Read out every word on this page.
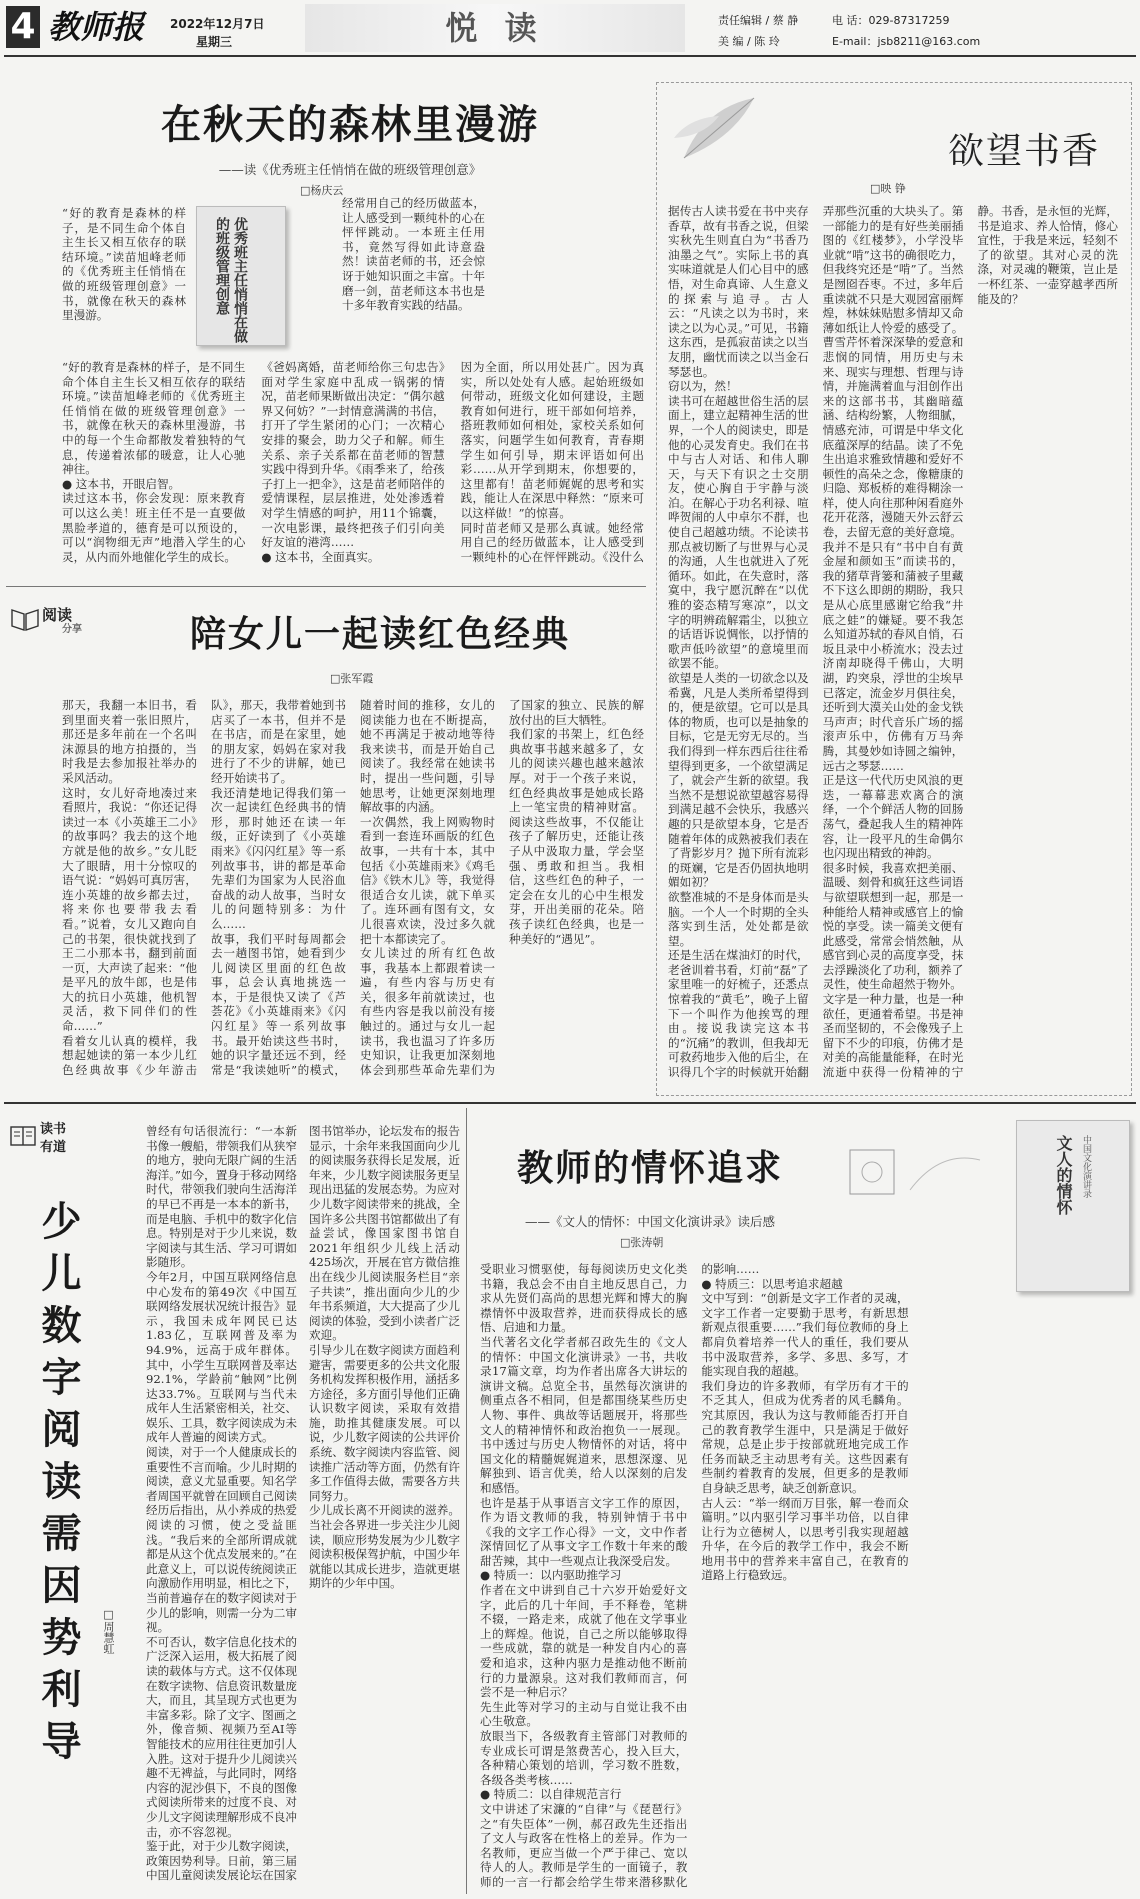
4 教师报 2022年12月7日
星期三	悦 读	责任编辑 / 蔡 静	电 话：029-87317259
美 编 / 陈 玲	E-mail：jsb8211@163.com
在秋天的森林里漫游
——读《优秀班主任悄悄在做的班级管理创意》
□杨庆云
优秀班主任悄悄在做的班级管理创意
“好的教育是森林的样子，是不同生命个体自主生长又相互依存的联结环境。”读苗旭峰老师的《优秀班主任悄悄在做的班级管理创意》一书，就像在秋天的森林里漫游。
“好的教育是森林的样子，是不同生命个体自主生长又相互依存的联结环境。”读苗旭峰老师的《优秀班主任悄悄在做的班级管理创意》一书，就像在秋天的森林里漫游，书中的每一个生命都散发着独特的气息，传递着浓郁的暖意，让人心驰神往。
● 这本书，开眼启智。
读过这本书，你会发现：原来教育可以这么美！班主任不是一直要做黑脸孝道的，德育是可以预设的，可以“润物细无声”地潜入学生的心灵，从内而外地催化学生的成长。
《爸妈离婚，苗老师给你三句忠告》面对学生家庭中乱成一锅粥的情况，苗老师果断做出决定：“偶尔越界又何妨？”一封情意满满的书信，打开了学生紧闭的心门；一次精心安排的聚会，助力父子和解。师生关系、亲子关系都在苗老师的智慧实践中得到升华。《雨季来了，给孩子打上一把伞》，这是苗老师陪伴的爱情课程，层层推进，处处渗透着对学生情感的呵护，用11个锦囊，一次电影课，最终把孩子们引向美好友谊的港湾……
● 这本书，全面真实。
因为全面，所以用处甚广。因为真实，所以处处有人感。起始班级如何带动，班级文化如何建设，主题教育如何进行，班干部如何培养，搭班教师如何相处，家校关系如何落实，问题学生如何教育，青春期学生如何引导，期末评语如何出彩……从开学到期末，你想要的，这里都有！苗老师娓娓的思考和实践，能让人在深思中释然：“原来可以这样做！”的惊喜。
同时苗老师又是那么真诚。她经常用自己的经历做蓝本，让人感受到一颗纯朴的心在怦怦跳动。《没什么

经常用自己的经历做蓝本，让人感受到一颗纯朴的心在怦怦跳动。一本班主任用书，竟然写得如此诗意盎然！读苗老师的书，还会惊讶于她知识面之丰富。十年磨一剑，苗老师这本书也是十多年教育实践的结晶。
欲望书香
□映 铮
据传古人读书爱在书中夹存香草，故有书香之说，但梁实秋先生则直白为“书香乃油墨之气”。实际上书的真实味道就是人们心目中的感悟，对生命真谛、人生意义的探索与追寻。古人云：“凡读之以为书时，来读之以为心灵。”可见，书籍这东西，是孤寂苗读之以当友朋，幽忧而读之以当金石琴瑟也。
窃以为，然！
读书可在超越世俗生活的层面上，建立起精神生活的世界，一个人的阅读史，即是他的心灵发育史。我们在书中与古人对话、和伟人聊天，与天下有识之士交朋友，使心胸自于宇静与淡泊。在解心于功名利禄、喧哗贺闹的人中卓尔不群，也使自己超越功绩。不论读书那点被切断了与世界与心灵的沟通，人生也就进入了死循环。如此，在失意时，落寞中，我宁愿沉醉在“以优雅的姿态精写寒凉”，以文字的明辨疏解霜尘，以独立的话语诉说惆怅，以抒情的歌声低吟欲望”的意境里而欲罢不能。
欲望是人类的一切欲念以及希冀，凡是人类所希望得到的，便是欲望。它可以是具体的物质，也可以是抽象的目标，它是无穷无尽的。当我们得到一样东西后往往希望得到更多，一个欲望满足了，就会产生新的欲望。我当然不是想说欲望越容易得到满足越不会快乐，我感兴趣的只是欲望本身，它是否随着年体的成熟被我们表在了背影岁月？抛下所有流彩的斑斓，它是否仍固执地明媚如初？
欲整准城的不是身体而是头脑。一个人一个时期的全头落实到生活，处处都是欲望。
还是生活在煤油灯的时代，老爸训着书看，灯前“磊”了家里唯一的好梳子，还悉点惊着我的“黄毛”，晚子上留下一个叫作为他挨骂的理由。接说我读完这本书的“沉痛”的教训，但我却无可救药地步入他的后尘，在识得几个字的时候就开始翻弄那些沉重的大块头了。第一部能力的是有好些美丽插图的《红楼梦》，小学没毕业就“啃”这书的确很吃力，但我终究还是“啃”了。当然是囫囵吞枣。不过，多年后重读就不只是大观园富丽辉煌，林妹妹贴慰多情却又命薄如纸让人怜爱的感受了。曹雪芹怀着深深挚的爱意和悲悯的同情，用历史与未来、现实与理想、哲理与诗情，并施满着血与泪创作出来的这部书书，其幽暗蕴涵、结构纷繁，人物细腻，情感充沛，可谓是中华文化底蕴深厚的结晶。读了不免生出追求雅致情趣和爱好不顿性的高朵之念，像糖康的归隐、郑板桥的难得糊涂一样，使人向往那种闲看庭外花开花落，漫随天外云舒云卷，去留无意的美好意境。
我并不是只有“书中自有黄金屋和颜如玉”而读书的，我的猪草背篓和蒲被子里藏不下这么即朗的期盼，我只是从心底里感谢它给我“井底之蛙”的嫌疑。要不我怎么知道苏轼的春风自悄，石坂且录中小桥流水；没去过济南却晓得千佛山，大明湖，趵突泉，浮世的尘埃早已落定，流金岁月俱往矣，还听到大漠关山处的金戈铁马声声；时代音乐广场的摇滚声乐中，仿佛有万马奔腾，其曼妙如诗圆之编钟，远古之琴瑟……
正是这一代代历史风浪的更迭，一幕幕悲欢离合的演绎，一个个鲜活人物的回肠荡气，叠起我人生的精神阵容，让一段平凡的生命偶尔也闪现出精致的神韵。
很多时候，我喜欢把美丽、温暖、刻骨和疯狂这些词语与欲望联想到一起，那是一种能给人精神或感官上的愉悦的享受。读一篇美文便有此感受，常常会悄然触，从感官到心灵的高度享受，抹去浮躁淡化了功利，额养了灵性，使生命超然于物外。
文字是一种力量，也是一种欲任，更通着希望。书是神圣而坚韧的，不会像残子上留下不少的印痕，仿佛才是对美的高能量能释，在时光流逝中获得一份精神的宁静。书香，是永恒的光辉，书是追求、养人恰情，修心宜性，于我是来远，轻刻不了的欲望。其对心灵的洗涤，对灵魂的鞭策，岂止是一杯红茶、一壶穿越孝西所能及的？
阅读
分享	陪女儿一起读红色经典
□张军霞
那天，我翻一本旧书，看到里面夹着一张旧照片，那还是多年前在一个名叫沫源县的地方拍摄的，当时我是去参加报社举办的采风活动。
这时，女儿好奇地凑过来看照片，我说：“你还记得读过一本《小英雄王二小》的故事吗？我去的这个地方就是他的故乡。”女儿眨大了眼睛，用十分惊叹的语气说：“妈妈可真厉害，连小英雄的故乡都去过，将来你也要带我去看看。”说着，女儿又跑向自己的书架，很快就找到了王二小那本书，翻到前面一页，大声读了起来：“他是平凡的放牛郎，也是伟大的抗日小英雄，他机智灵活，救下同伴们的性命……”
看着女儿认真的模样，我想起她读的第一本少儿红色经典故事《少年游击队》，那天，我带着她到书店买了一本书，但并不是在书店，而是在家里，她的朋友家，妈妈在家对我进行了不少的讲解，她已经开始读书了。
我还清楚地记得我们第一次一起读红色经典书的情形，那时她还在读一年级，正好读到了《小英雄雨来》《闪闪红星》等一系列故事书，讲的都是革命先辈们为国家为人民浴血奋战的动人故事，当时女儿的问题特别多：为什么……
故事，我们平时每周都会去一趟图书馆，她看到少儿阅读区里面的红色故事，总会认真地挑选一本，于是很快又读了《芦荟花》《小英雄雨来》《闪闪红星》等一系列故事书。最开始读这些书时，她的识字量还远不到，经常是“我读她听”的模式，随着时间的推移，女儿的阅读能力也在不断提高，她不再满足于被动地等待我来读书，而是开始自己阅读了。我经常在她读书时，提出一些问题，引导她思考，让她更深刻地理解故事的内涵。
一次偶然，我上网购物时看到一套连环画版的红色故事，一共有十本，其中包括《小英雄雨来》《鸡毛信》《铁木儿》等，我觉得很适合女儿读，就下单买了。连环画有图有文，女儿很喜欢读，没过多久就把十本都读完了。
女儿读过的所有红色故事，我基本上都跟着读一遍，有些内容与历史有关，很多年前就读过，也有些内容是我以前没有接触过的。通过与女儿一起读书，我也温习了许多历史知识，让我更加深刻地体会到那些革命先辈们为了国家的独立、民族的解放付出的巨大牺牲。
我们家的书架上，红色经典故事书越来越多了，女儿的阅读兴趣也越来越浓厚。对于一个孩子来说，红色经典故事是她成长路上一笔宝贵的精神财富。阅读这些故事，不仅能让孩子了解历史，还能让孩子从中汲取力量，学会坚强、勇敢和担当。我相信，这些红色的种子，一定会在女儿的心中生根发芽，开出美丽的花朵。陪孩子读红色经典，也是一种美好的“遇见”。
读书
有道
少儿数字阅读需因势利导 □周慧虹
曾经有句话很流行：“一本新书像一艘船，带领我们从狭窄的地方，驶向无限广阔的生活海洋。”如今，置身于移动网络时代，带领我们驶向生活海洋的早已不再是一本本的新书，而是电脑、手机中的数字化信息。特别是对于少儿来说，数字阅读与其生活、学习可谓如影随形。
今年2月，中国互联网络信息中心发布的第49次《中国互联网络发展状况统计报告》显示，我国未成年网民已达1.83亿，互联网普及率为94.9%，远高于成年群体。其中，小学生互联网普及率达92.1%，学龄前“触网”比例达33.7%。互联网与当代未成年人生活紧密相关，社交、娱乐、工具，数字阅读成为未成年人普遍的阅读方式。
阅读，对于一个人健康成长的重要性不言而喻。少儿时期的阅读，意义尤显重要。知名学者周国平就曾在回顾自己阅读经历后指出，从小养成的热爱阅读的习惯，使之受益匪浅。“我后来的全部所谓成就都是从这个优点发展来的。”在此意义上，可以说传统阅读正向激励作用明显，相比之下，当前普遍存在的数字阅读对于少儿的影响，则需一分为二审视。
不可否认，数字信息化技术的广泛深入运用，极大拓展了阅读的载体与方式。这不仅体现在数字读物、信息资讯数量庞大，而且，其呈现方式也更为丰富多彩。除了文字、图画之外，像音频、视频乃至AI等智能技术的应用往往更加引人入胜。这对于提升少儿阅读兴趣不无裨益，与此同时，网络内容的泥沙俱下，不良的图像式阅读所带来的过度不良、对少儿文字阅读理解形成不良冲击，亦不容忽视。
鉴于此，对于少儿数字阅读，政策因势利导。日前，第三届中国儿童阅读发展论坛在国家图书馆举办，论坛发布的报告显示，十余年来我国面向少儿的阅读服务获得长足发展，近年来，少儿数字阅读服务更呈现出迅猛的发展态势。为应对少儿数字阅读带来的挑战，全国许多公共图书馆都做出了有益尝试，像国家图书馆自2021年组织少儿线上活动425场次，开展在官方微信推出在线少儿阅读服务栏目“亲子共读”，推出面向少儿的少年书系频道，大大提高了少儿阅读的体验，受到小读者广泛欢迎。
引导少儿在数字阅读方面趋利避害，需要更多的公共文化服务机构发挥积极作用，涵括多方途径，多方面引导他们正确认识数字阅读，采取有效措施，助推其健康发展。可以说，少儿数字阅读的公共评价系统、数字阅读内容监管、阅读推广活动等方面，仍然有许多工作值得去做，需要各方共同努力。
少儿成长离不开阅读的滋养。当社会各界进一步关注少儿阅读，顺应形势发展为少儿数字阅读积极保驾护航，中国少年就能以其成长进步，造就更堪期许的少年中国。
教师的情怀追求
——《文人的情怀：中国文化演讲录》读后感
□张涛朝
文人的情怀 中国文化演讲录
受职业习惯驱使，每每阅读历史文化类书籍，我总会不由自主地反思自己，力求从先贤们高尚的思想光辉和博大的胸襟情怀中汲取营养，进而获得成长的感悟、启迪和力量。
当代著名文化学者郝召政先生的《文人的情怀：中国文化演讲录》一书，共收录17篇文章，均为作者出席各大讲坛的演讲文稿。总览全书，虽然每次演讲的侧重点各不相同，但是都围绕某些历史人物、事件、典故等话题展开，将那些文人的精神情怀和政治抱负一一展现。书中透过与历史人物情怀的对话，将中国文化的精髓娓娓道来，思想深邃、见解独到、语言优美，给人以深刻的启发和感悟。
也许是基于从事语言文字工作的原因，作为语文教师的我，特别钟情于书中《我的文字工作心得》一文，文中作者深情回忆了从事文字工作数十年来的酸甜苦辣，其中一些观点让我深受启发。
● 特质一：以内驱助推学习
作者在文中讲到自己十六岁开始爱好文字，此后的几十年间，手不释卷，笔耕不辍，一路走来，成就了他在文学事业上的辉煌。他说，自己之所以能够取得一些成就，靠的就是一种发自内心的喜爱和追求，这种内驱力是推动他不断前行的力量源泉。这对我们教师而言，何尝不是一种启示？
先生此等对学习的主动与自觉让我不由心生敬意。
放眼当下，各级教育主管部门对教师的专业成长可谓是煞费苦心，投入巨大，各种精心策划的培训，学习数不胜数，各级各类考核……
● 特质二：以自律规范言行
文中讲述了宋濂的“自律”与《琵琶行》之“有失臣体”一例，郝召政先生还指出了文人与政客在性格上的差异。作为一名教师，更应当做一个严于律己、宽以待人的人。教师是学生的一面镜子，教师的一言一行都会给学生带来潜移默化的影响……
● 特质三：以思考追求超越
文中写到：“创新是文字工作者的灵魂，文字工作者一定要勤于思考，有新思想新观点很重要……”我们每位教师的身上都肩负着培养一代人的重任，我们要从书中汲取营养，多学、多思、多写，才能实现自我的超越。
我们身边的许多教师，有学历有才干的不乏其人，但成为优秀者的风毛麟角。究其原因，我认为这与教师能否打开自己的教育教学生涯中，只是满足于做好常规，总是止步于按部就班地完成工作任务而缺乏主动思考有关。这些因素有些制约着教育的发展，但更多的是教师自身缺乏思考，缺乏创新意识。
古人云：“举一纲而万目张，解一卷而众篇明。”以内驱引学习事半功倍，以自律让行为立德树人，以思考引我实现超越升华，在今后的教学工作中，我会不断地用书中的营养来丰富自己，在教育的道路上行稳致远。
